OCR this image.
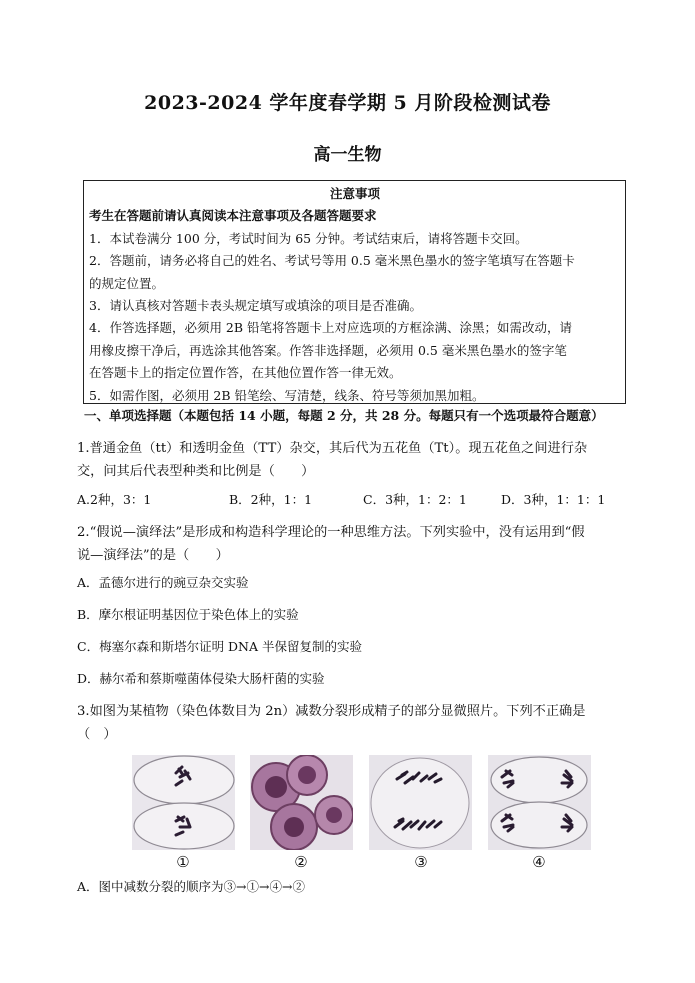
2023-2024 学年度春学期 5 月阶段检测试卷
高一生物
注意事项
考生在答题前请认真阅读本注意事项及各题答题要求
1．本试卷满分 100 分，考试时间为 65 分钟。考试结束后，请将答题卡交回。
2．答题前，请务必将自己的姓名、考试号等用 0.5 毫米黑色墨水的签字笔填写在答题卡
的规定位置。
3．请认真核对答题卡表头规定填写或填涂的项目是否准确。
4．作答选择题，必须用 2B 铅笔将答题卡上对应选项的方框涂满、涂黑；如需改动，请
用橡皮擦干净后，再选涂其他答案。作答非选择题，必须用 0.5 毫米黑色墨水的签字笔
在答题卡上的指定位置作答，在其他位置作答一律无效。
5．如需作图，必须用 2B 铅笔绘、写清楚，线条、符号等须加黑加粗。
一、单项选择题（本题包括 14 小题，每题 2 分，共 28 分。每题只有一个选项最符合题意）
1.普通金鱼（tt）和透明金鱼（TT）杂交，其后代为五花鱼（Tt）。现五花鱼之间进行杂
交，问其后代表型种类和比例是（　　）
A.2种，3：1	B．2种，1：1	C．3种，1：2：1	D．3种，1：1：1
2.“假说—演绎法”是形成和构造科学理论的一种思维方法。下列实验中，没有运用到“假
说—演绎法”的是（　　）
A．孟德尔进行的豌豆杂交实验
B．摩尔根证明基因位于染色体上的实验
C．梅塞尔森和斯塔尔证明 DNA 半保留复制的实验
D．赫尔希和蔡斯噬菌体侵染大肠杆菌的实验
3.如图为某植物（染色体数目为 2n）减数分裂形成精子的部分显微照片。下列不正确是
（　）
①	②	③	④
A．图中减数分裂的顺序为③→①→④→②
